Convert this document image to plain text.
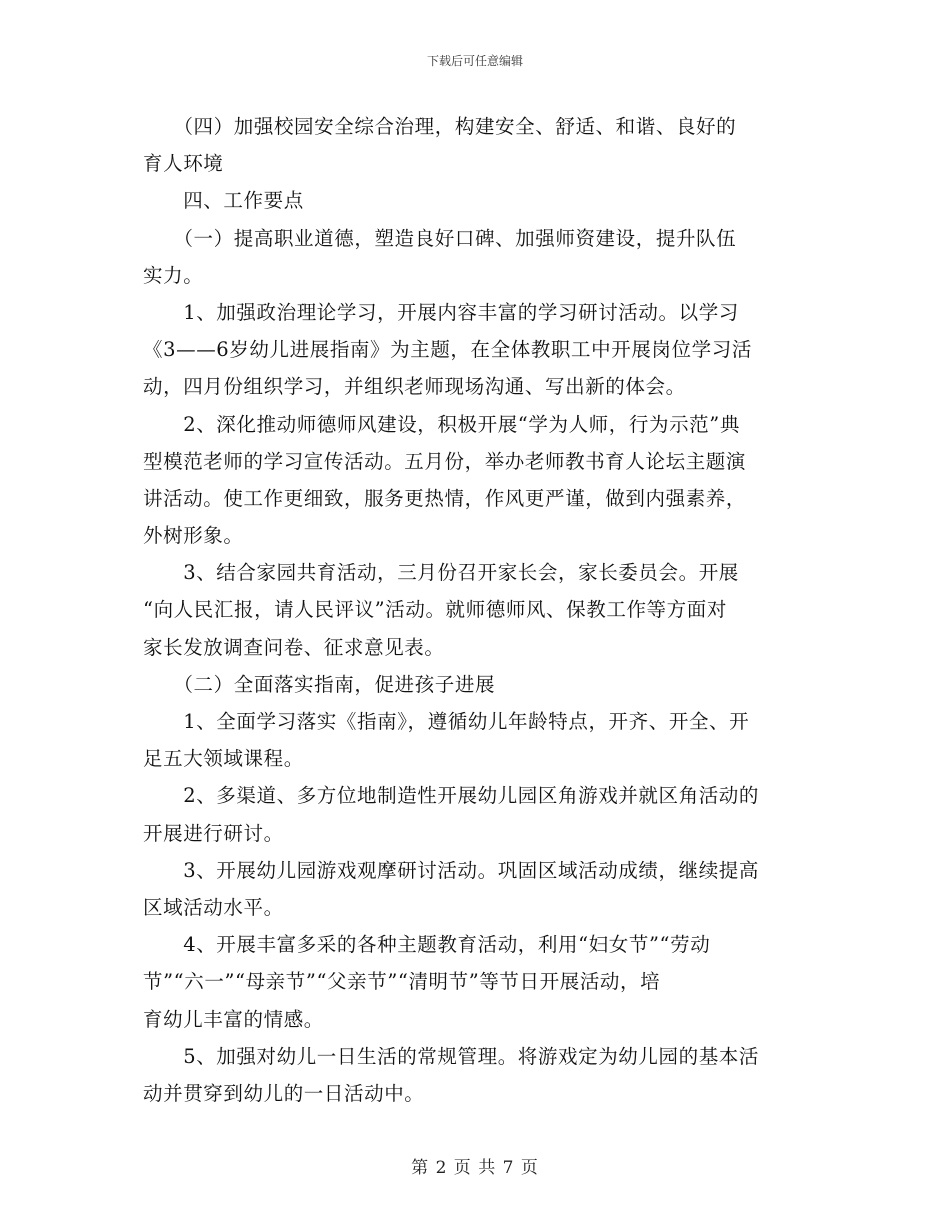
下载后可任意编辑
　　（四）加强校园安全综合治理，构建安全、舒适、和谐、良好的
育人环境
　　四、工作要点
　　（一）提高职业道德，塑造良好口碑、加强师资建设，提升队伍
实力。
　　1、加强政治理论学习，开展内容丰富的学习研讨活动。以学习
《3——6岁幼儿进展指南》为主题，在全体教职工中开展岗位学习活
动，四月份组织学习，并组织老师现场沟通、写出新的体会。
　　2、深化推动师德师风建设，积极开展“学为人师，行为示范”典
型模范老师的学习宣传活动。五月份，举办老师教书育人论坛主题演
讲活动。使工作更细致，服务更热情，作风更严谨，做到内强素养，
外树形象。
　　3、结合家园共育活动，三月份召开家长会，家长委员会。开展
“向人民汇报，请人民评议”活动。就师德师风、保教工作等方面对
家长发放调查问卷、征求意见表。
　　（二）全面落实指南，促进孩子进展
　　1、全面学习落实《指南》，遵循幼儿年龄特点，开齐、开全、开
足五大领域课程。
　　2、多渠道、多方位地制造性开展幼儿园区角游戏并就区角活动的
开展进行研讨。
　　3、开展幼儿园游戏观摩研讨活动。巩固区域活动成绩，继续提高
区域活动水平。
　　4、开展丰富多采的各种主题教育活动，利用“妇女节”“劳动
节”“六一”“母亲节”“父亲节”“清明节”等节日开展活动，培
育幼儿丰富的情感。
　　5、加强对幼儿一日生活的常规管理。将游戏定为幼儿园的基本活
动并贯穿到幼儿的一日活动中。
第 2 页 共 7 页
